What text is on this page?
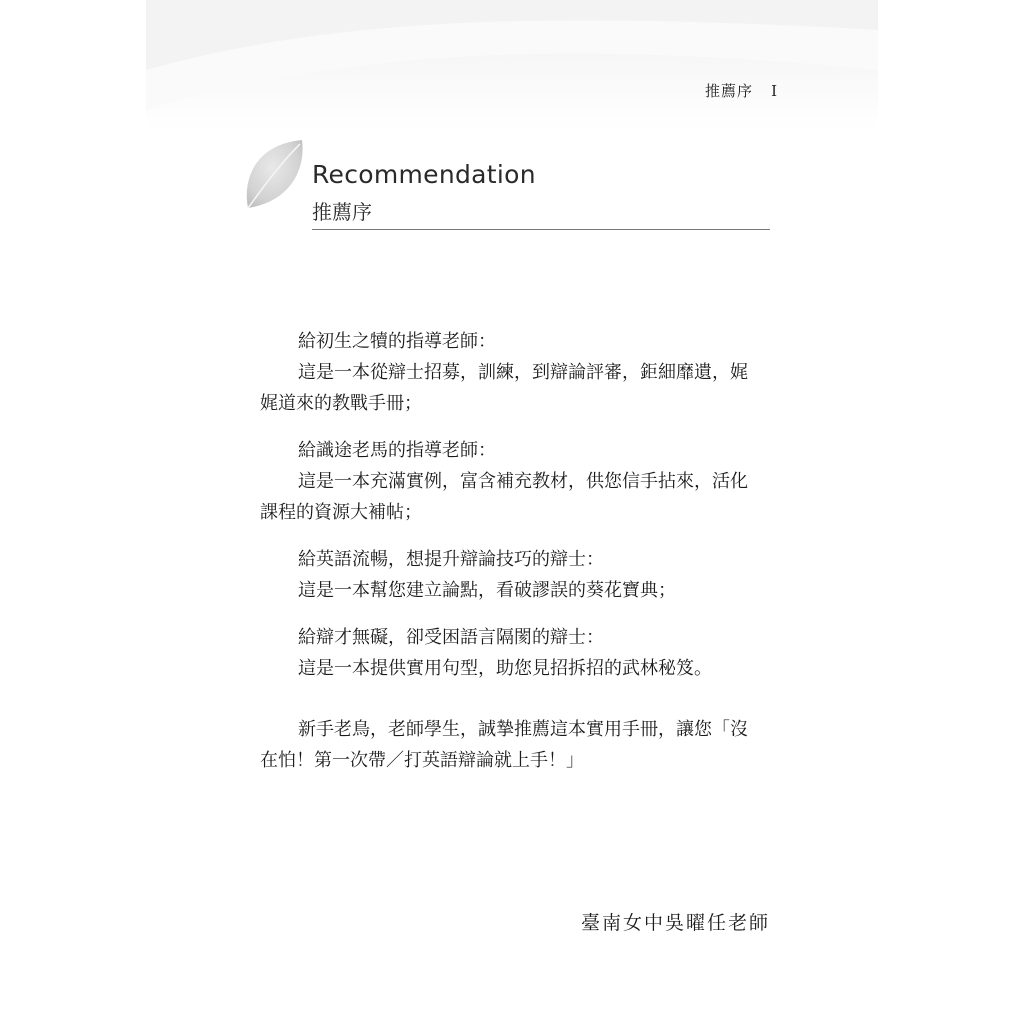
推薦序 I
Recommendation
推薦序
給初生之犢的指導老師：
這是一本從辯士招募，訓練，到辯論評審，鉅細靡遺，娓
娓道來的教戰手冊；
給識途老馬的指導老師：
這是一本充滿實例，富含補充教材，供您信手拈來，活化
課程的資源大補帖；
給英語流暢，想提升辯論技巧的辯士：
這是一本幫您建立論點，看破謬誤的葵花寶典；
給辯才無礙，卻受困語言隔閡的辯士：
這是一本提供實用句型，助您見招拆招的武林秘笈。
新手老鳥，老師學生，誠摯推薦這本實用手冊，讓您「沒
在怕！第一次帶／打英語辯論就上手！」
臺南女中吳曜任老師
